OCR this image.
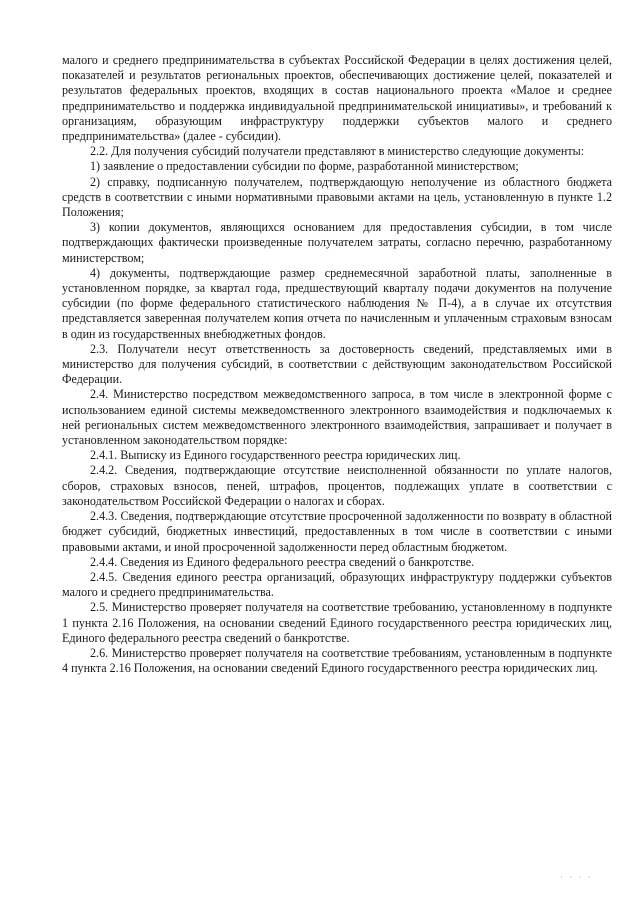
малого и среднего предпринимательства в субъектах Российской Федерации в целях достижения целей, показателей и результатов региональных проектов, обеспечивающих достижение целей, показателей и результатов федеральных проектов, входящих в состав национального проекта «Малое и среднее предпринимательство и поддержка индивидуальной предпринимательской инициативы», и требований к организациям, образующим инфраструктуру поддержки субъектов малого и среднего предпринимательства» (далее - субсидии).

2.2. Для получения субсидий получатели представляют в министерство следующие документы:

1) заявление о предоставлении субсидии по форме, разработанной министерством;

2) справку, подписанную получателем, подтверждающую неполучение из областного бюджета средств в соответствии с иными нормативными правовыми актами на цель, установленную в пункте 1.2 Положения;

3) копии документов, являющихся основанием для предоставления субсидии, в том числе подтверждающих фактически произведенные получателем затраты, согласно перечню, разработанному министерством;

4) документы, подтверждающие размер среднемесячной заработной платы, заполненные в установленном порядке, за квартал года, предшествующий кварталу подачи документов на получение субсидии (по форме федерального статистического наблюдения № П-4), а в случае их отсутствия представляется заверенная получателем копия отчета по начисленным и уплаченным страховым взносам в один из государственных внебюджетных фондов.

2.3. Получатели несут ответственность за достоверность сведений, представляемых ими в министерство для получения субсидий, в соответствии с действующим законодательством Российской Федерации.

2.4. Министерство посредством межведомственного запроса, в том числе в электронной форме с использованием единой системы межведомственного электронного взаимодействия и подключаемых к ней региональных систем межведомственного электронного взаимодействия, запрашивает и получает в установленном законодательством порядке:

2.4.1. Выписку из Единого государственного реестра юридических лиц.

2.4.2. Сведения, подтверждающие отсутствие неисполненной обязанности по уплате налогов, сборов, страховых взносов, пеней, штрафов, процентов, подлежащих уплате в соответствии с законодательством Российской Федерации о налогах и сборах.

2.4.3. Сведения, подтверждающие отсутствие просроченной задолженности по возврату в областной бюджет субсидий, бюджетных инвестиций, предоставленных в том числе в соответствии с иными правовыми актами, и иной просроченной задолженности перед областным бюджетом.

2.4.4. Сведения из Единого федерального реестра сведений о банкротстве.

2.4.5. Сведения единого реестра организаций, образующих инфраструктуру поддержки субъектов малого и среднего предпринимательства.

2.5. Министерство проверяет получателя на соответствие требованию, установленному в подпункте 1 пункта 2.16 Положения, на основании сведений Единого государственного реестра юридических лиц, Единого федерального реестра сведений о банкротстве.

2.6. Министерство проверяет получателя на соответствие требованиям, установленным в подпункте 4 пункта 2.16 Положения, на основании сведений Единого государственного реестра юридических лиц.

· · · ·
